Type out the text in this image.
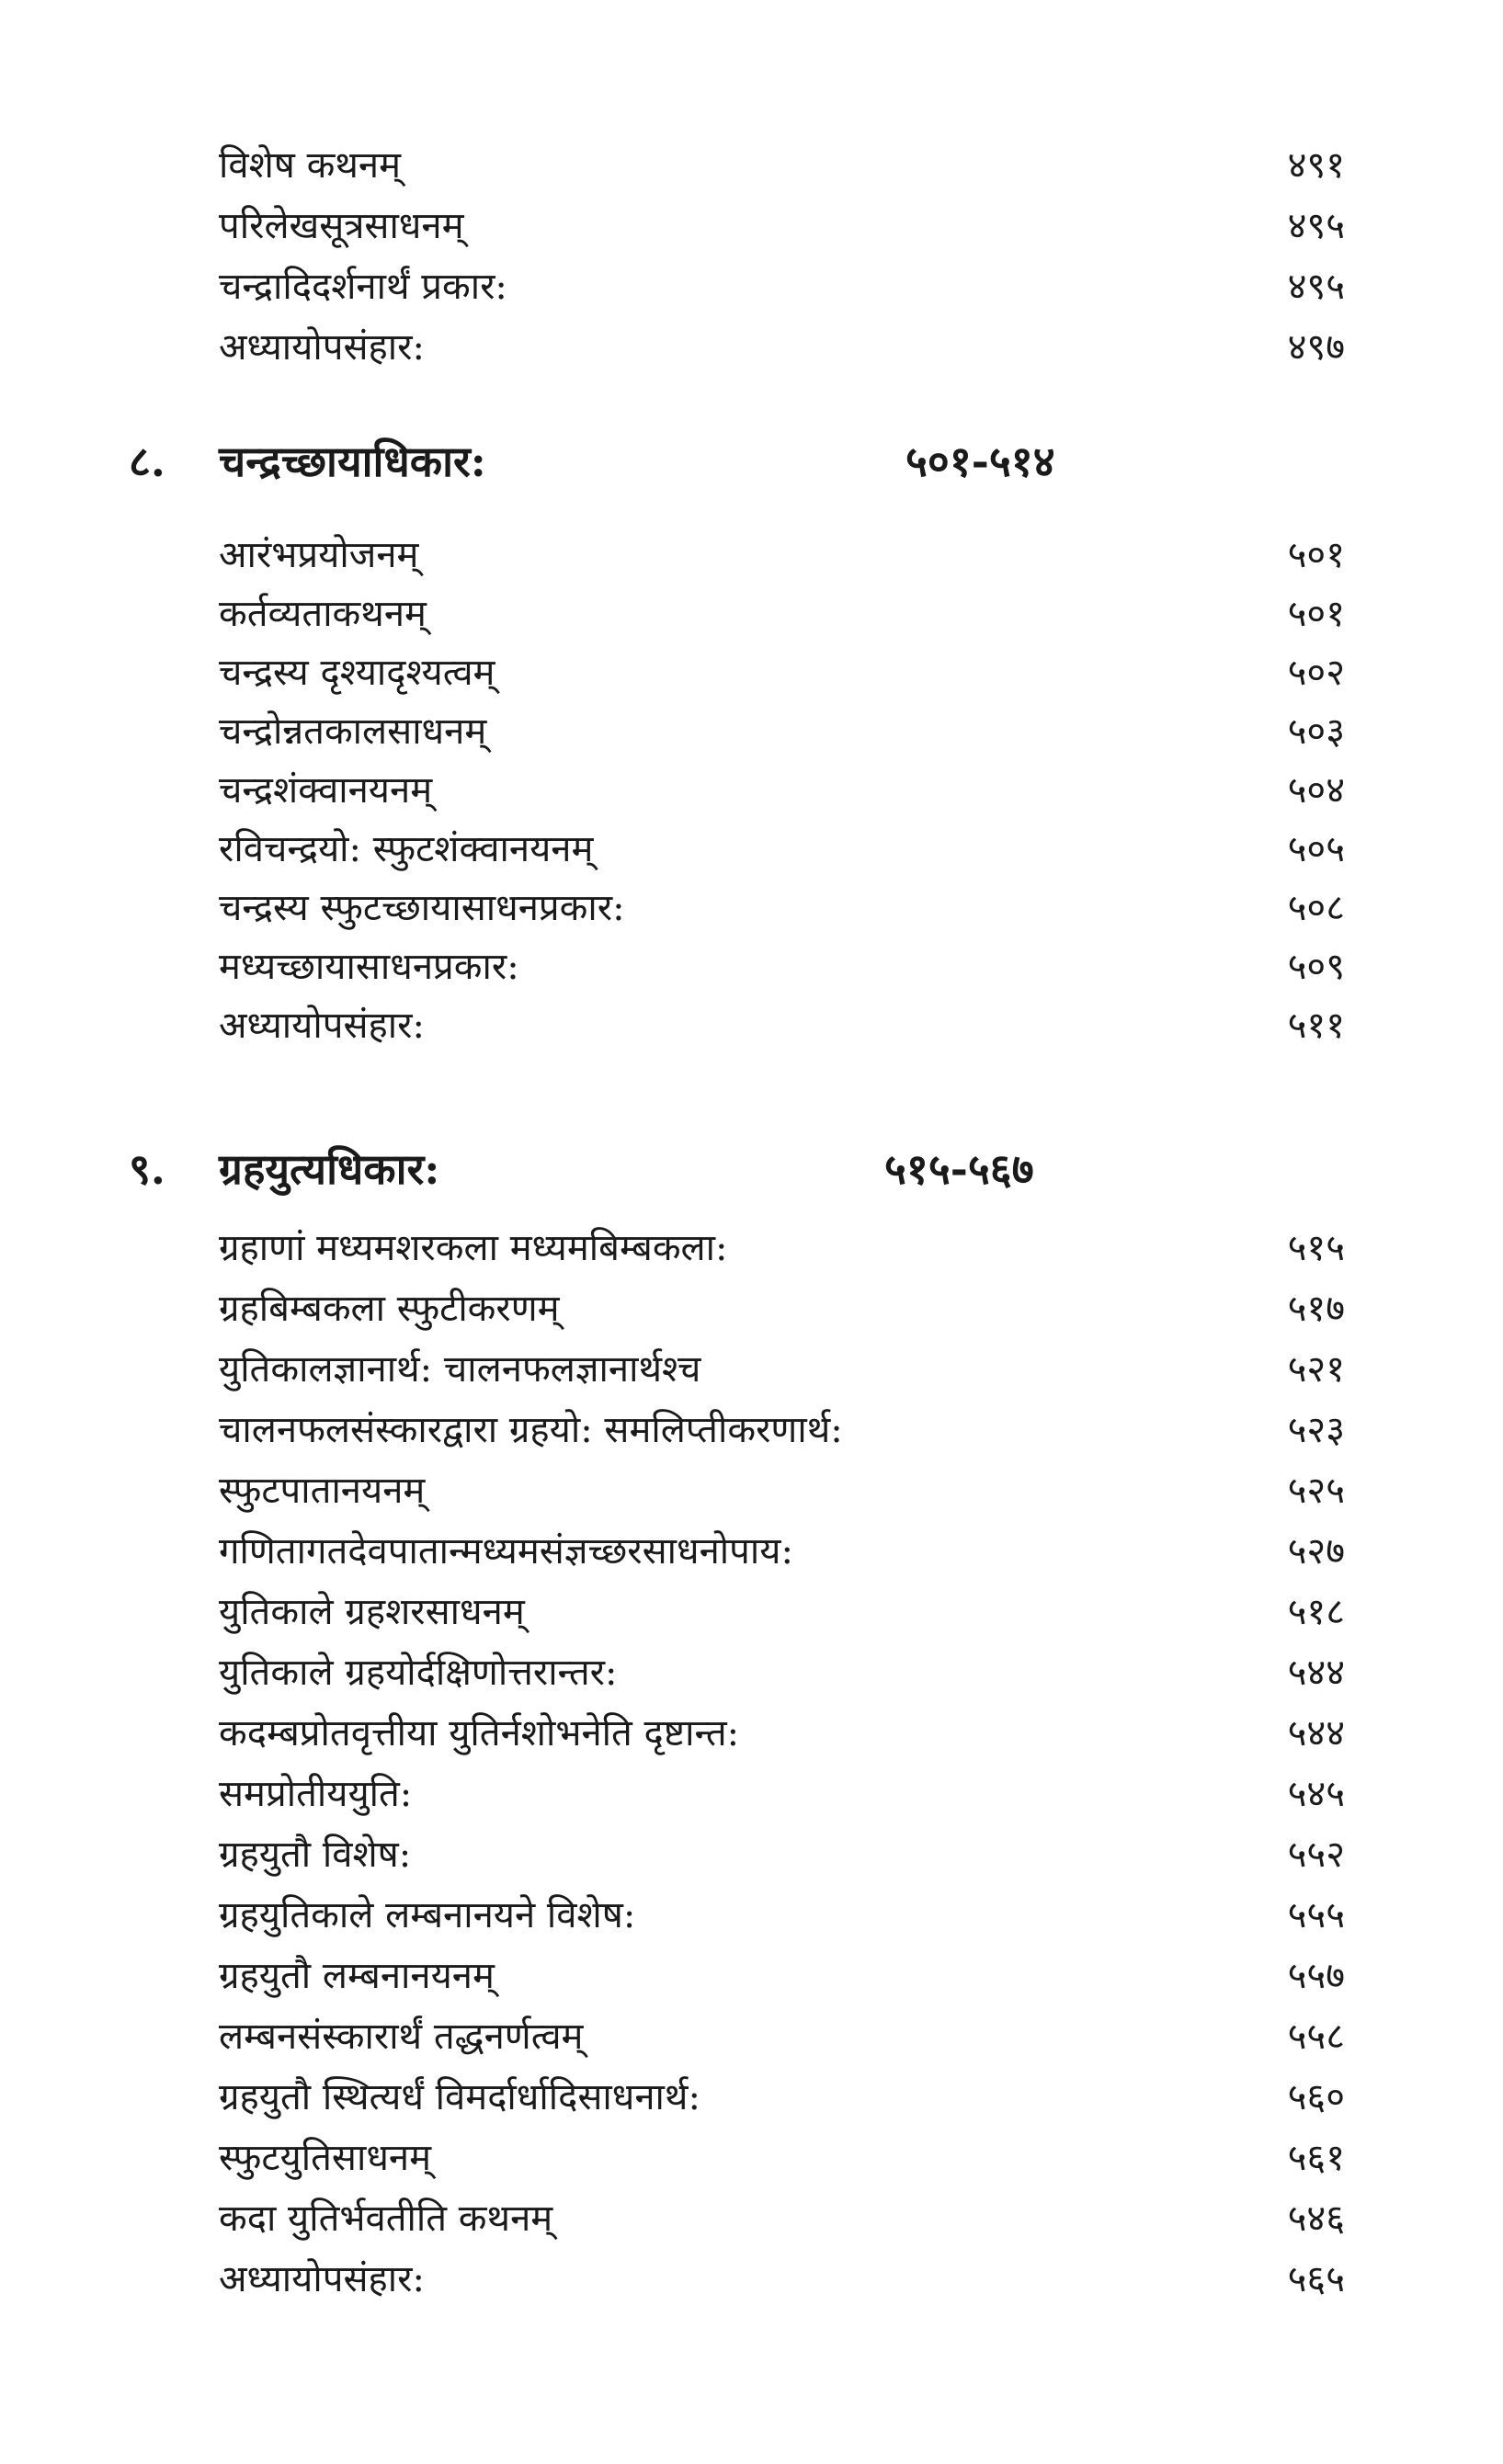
विशेष कथनम्	४९१
परिलेखसूत्रसाधनम्	४९५
चन्द्रादिदर्शनार्थं प्रकार:	४९५
अध्यायोपसंहार:	४९७
८. चन्द्रच्छायाधिकार:	५०१-५१४
आरंभप्रयोजनम्	५०१
कर्तव्यताकथनम्	५०१
चन्द्रस्य दृश्यादृश्यत्वम्	५०२
चन्द्रोन्नतकालसाधनम्	५०३
चन्द्रशंक्वानयनम्	५०४
रविचन्द्रयो: स्फुटशंक्वानयनम्	५०५
चन्द्रस्य स्फुटच्छायासाधनप्रकार:	५०८
मध्यच्छायासाधनप्रकार:	५०९
अध्यायोपसंहार:	५११
९. ग्रहयुत्यधिकार:	५१५-५६७
ग्रहाणां मध्यमशरकला मध्यमबिम्बकला:	५१५
ग्रहबिम्बकला स्फुटीकरणम्	५१७
युतिकालज्ञानार्थ: चालनफलज्ञानार्थश्च	५२१
चालनफलसंस्कारद्वारा ग्रहयो: समलिप्तीकरणार्थ:	५२३
स्फुटपातानयनम्	५२५
गणितागतदेवपातान्मध्यमसंज्ञच्छरसाधनोपाय:	५२७
युतिकाले ग्रहशरसाधनम्	५१८
युतिकाले ग्रहयोर्दक्षिणोत्तरान्तर:	५४४
कदम्बप्रोतवृत्तीया युतिर्नशोभनेति दृष्टान्त:	५४४
समप्रोतीययुति:	५४५
ग्रहयुतौ विशेष:	५५२
ग्रहयुतिकाले लम्बनानयने विशेष:	५५५
ग्रहयुतौ लम्बनानयनम्	५५७
लम्बनसंस्कारार्थं तद्धनर्णत्वम्	५५८
ग्रहयुतौ स्थित्यर्धं विमर्दार्धादिसाधनार्थ:	५६०
स्फुटयुतिसाधनम्	५६१
कदा युतिर्भवतीति कथनम्	५४६
अध्यायोपसंहार:	५६५
